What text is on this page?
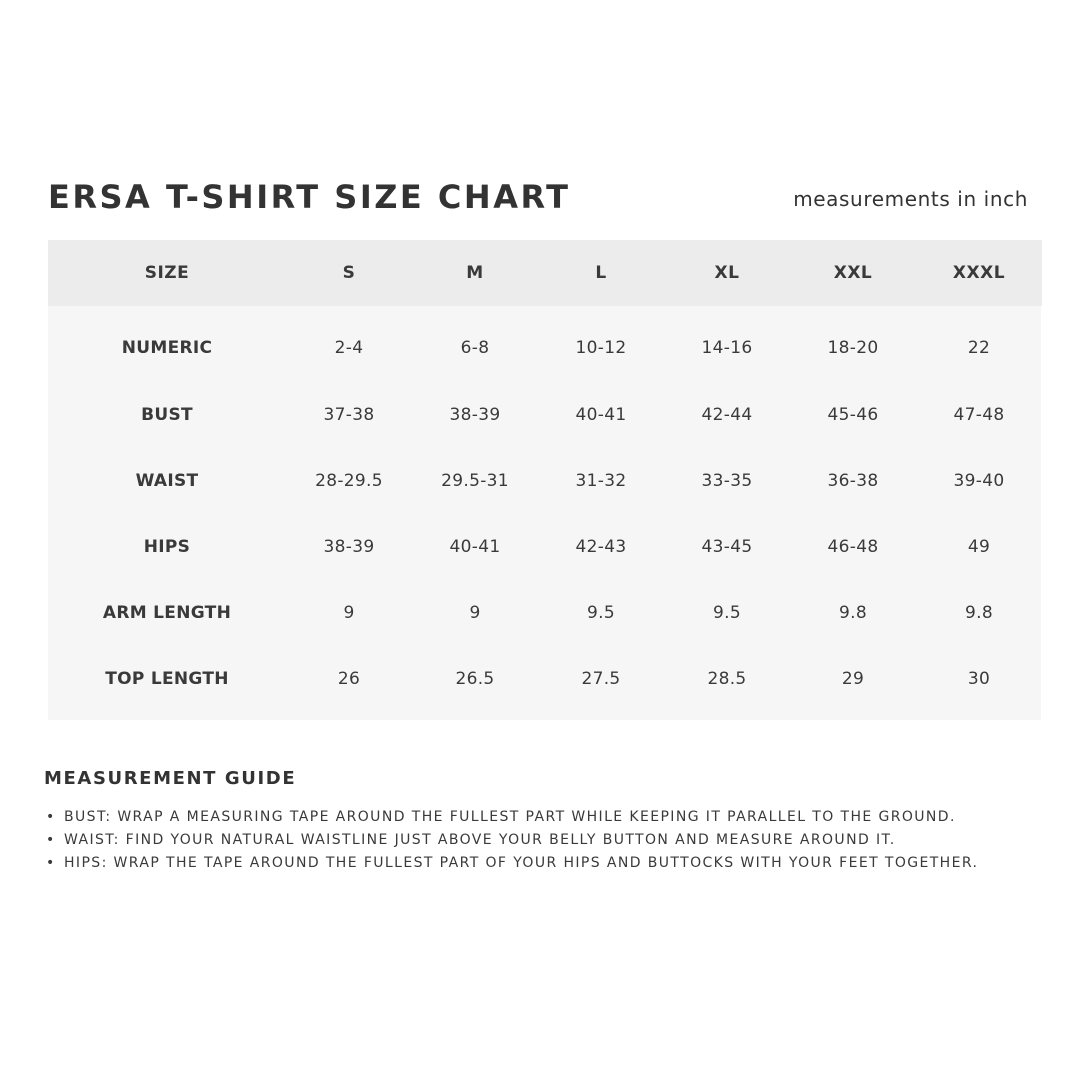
ERSA T-SHIRT SIZE CHART	measurements in inch
SIZE	S	M	L	XL	XXL	XXXL
NUMERIC	2-4	6-8	10-12	14-16	18-20	22
BUST	37-38	38-39	40-41	42-44	45-46	47-48
WAIST	28-29.5	29.5-31	31-32	33-35	36-38	39-40
HIPS	38-39	40-41	42-43	43-45	46-48	49
ARM LENGTH	9	9	9.5	9.5	9.8	9.8
TOP LENGTH	26	26.5	27.5	28.5	29	30
MEASUREMENT GUIDE
• BUST: WRAP A MEASURING TAPE AROUND THE FULLEST PART WHILE KEEPING IT PARALLEL TO THE GROUND.
• WAIST: FIND YOUR NATURAL WAISTLINE JUST ABOVE YOUR BELLY BUTTON AND MEASURE AROUND IT.
• HIPS: WRAP THE TAPE AROUND THE FULLEST PART OF YOUR HIPS AND BUTTOCKS WITH YOUR FEET TOGETHER.
